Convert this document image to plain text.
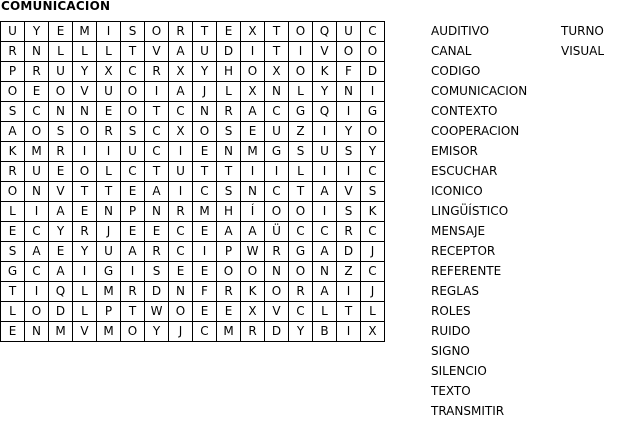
COMUNICACION
U	Y	E	M	I	S	O	R	T	E	X	T	O	Q	U	C
R	N	L	L	L	T	V	A	U	D	I	T	I	V	O	O
P	R	U	Y	X	C	R	X	Y	H	O	X	O	K	F	D
O	E	O	V	U	O	I	A	J	L	X	N	L	Y	N	I
S	C	N	N	E	O	T	C	N	R	A	C	G	Q	I	G
A	O	S	O	R	S	C	X	O	S	E	U	Z	I	Y	O
K	M	R	I	I	U	C	I	E	N	M	G	S	U	S	Y
R	U	E	O	L	C	T	U	T	T	I	I	L	I	I	C
O	N	V	T	T	E	A	I	C	S	N	C	T	A	V	S
L	I	A	E	N	P	N	R	M	H	Í	O	O	I	S	K
E	C	Y	R	J	E	E	C	E	A	A	Ü	C	C	R	C
S	A	E	Y	U	A	R	C	I	P	W	R	G	A	D	J
G	C	A	I	G	I	S	E	E	O	O	N	O	N	Z	C
T	I	Q	L	M	R	D	N	F	R	K	O	R	A	I	J
L	O	D	L	P	T	W	O	E	E	X	V	C	L	T	L
E	N	M	V	M	O	Y	J	C	M	R	D	Y	B	I	X
AUDITIVO
CANAL
CODIGO
COMUNICACION
CONTEXTO
COOPERACION
EMISOR
ESCUCHAR
ICONICO
LINGÜÍSTICO
MENSAJE
RECEPTOR
REFERENTE
REGLAS
ROLES
RUIDO
SIGNO
SILENCIO
TEXTO
TRANSMITIR
TURNO
VISUAL
